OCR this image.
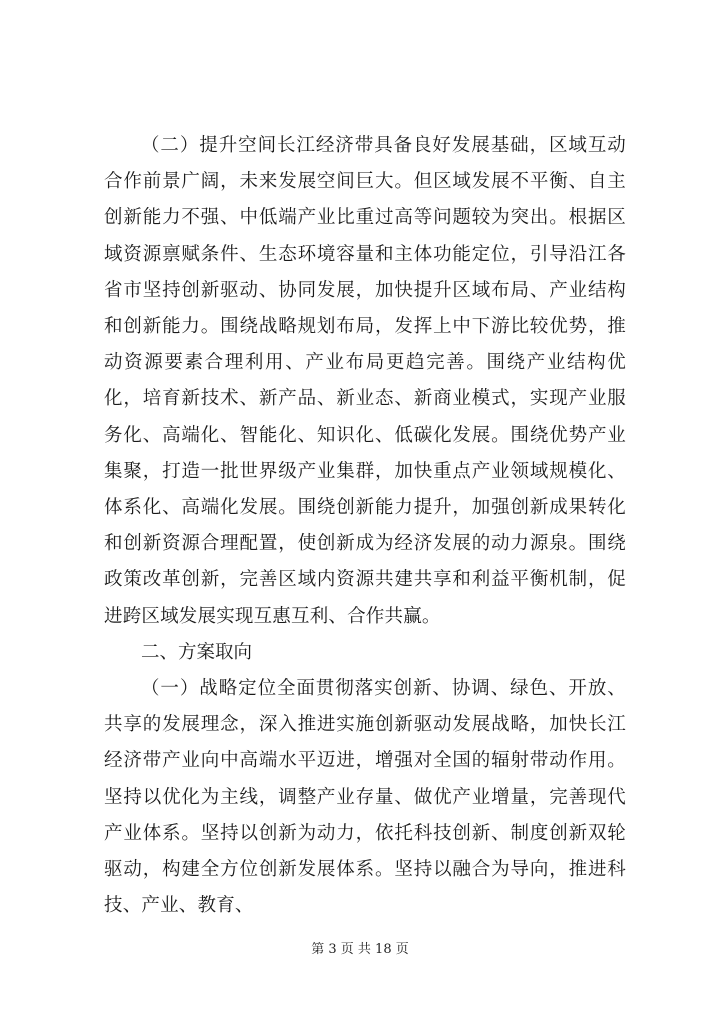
（二）提升空间长江经济带具备良好发展基础，区域互动合作前景广阔，未来发展空间巨大。但区域发展不平衡、自主创新能力不强、中低端产业比重过高等问题较为突出。根据区域资源禀赋条件、生态环境容量和主体功能定位，引导沿江各省市坚持创新驱动、协同发展，加快提升区域布局、产业结构和创新能力。围绕战略规划布局，发挥上中下游比较优势，推动资源要素合理利用、产业布局更趋完善。围绕产业结构优化，培育新技术、新产品、新业态、新商业模式，实现产业服务化、高端化、智能化、知识化、低碳化发展。围绕优势产业集聚，打造一批世界级产业集群，加快重点产业领域规模化、体系化、高端化发展。围绕创新能力提升，加强创新成果转化和创新资源合理配置，使创新成为经济发展的动力源泉。围绕政策改革创新，完善区域内资源共建共享和利益平衡机制，促进跨区域发展实现互惠互利、合作共赢。

二、方案取向

（一）战略定位全面贯彻落实创新、协调、绿色、开放、共享的发展理念，深入推进实施创新驱动发展战略，加快长江经济带产业向中高端水平迈进，增强对全国的辐射带动作用。坚持以优化为主线，调整产业存量、做优产业增量，完善现代产业体系。坚持以创新为动力，依托科技创新、制度创新双轮驱动，构建全方位创新发展体系。坚持以融合为导向，推进科技、产业、教育、

第 3 页 共 18 页
